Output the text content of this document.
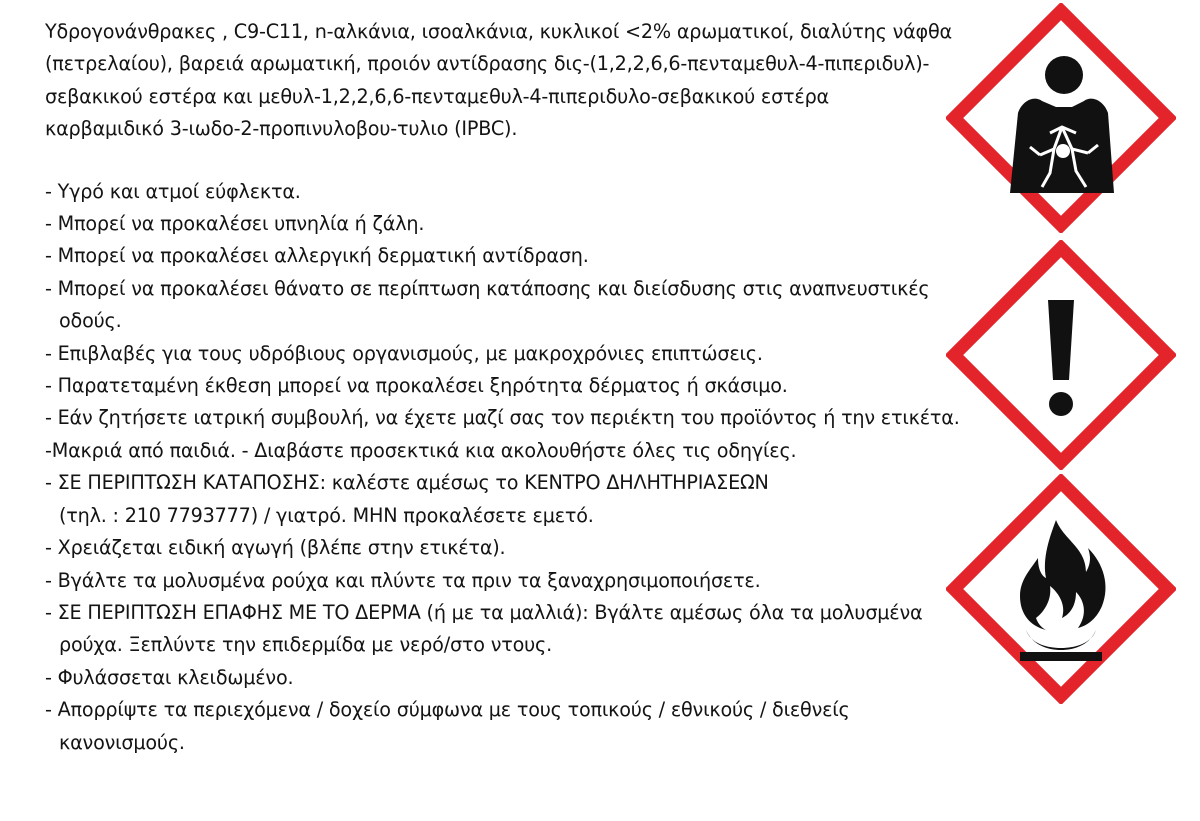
Υδρογονάνθρακες , C9-C11, n-αλκάνια, ισοαλκάνια, κυκλικοί <2% αρωματικοί, διαλύτης νάφθα

(πετρελαίου), βαρειά αρωματική, προιόν αντίδρασης δις-(1,2,2,6,6-πενταμεθυλ-4-πιπεριδυλ)-

σεβακικού εστέρα και μεθυλ-1,2,2,6,6-πενταμεθυλ-4-πιπεριδυλο-σεβακικού εστέρα

καρβαμιδικό 3-ιωδο-2-προπινυλοβου-τυλιο (IPBC).

- Υγρό και ατμοί εύφλεκτα.

- Μπορεί να προκαλέσει υπνηλία ή ζάλη.

- Μπορεί να προκαλέσει αλλεργική δερματική αντίδραση.

- Μπορεί να προκαλέσει θάνατο σε περίπτωση κατάποσης και διείσδυσης στις αναπνευστικές

οδούς.

- Επιβλαβές για τους υδρόβιους οργανισμούς, με μακροχρόνιες επιπτώσεις.

- Παρατεταμένη έκθεση μπορεί να προκαλέσει ξηρότητα δέρματος ή σκάσιμο.

- Εάν ζητήσετε ιατρική συμβουλή, να έχετε μαζί σας τον περιέκτη του προϊόντος ή την ετικέτα.

-Μακριά από παιδιά. - Διαβάστε προσεκτικά κια ακολουθήστε όλες τις οδηγίες.

- ΣΕ ΠΕΡΙΠΤΩΣΗ ΚΑΤΑΠΟΣΗΣ: καλέστε αμέσως το ΚΕΝΤΡΟ ΔΗΛΗΤΗΡΙΑΣΕΩΝ

(τηλ. : 210 7793777) / γιατρό. ΜΗΝ προκαλέσετε εμετό.

- Χρειάζεται ειδική αγωγή (βλέπε στην ετικέτα).

- Βγάλτε τα μολυσμένα ρούχα και πλύντε τα πριν τα ξαναχρησιμοποιήσετε.

- ΣΕ ΠΕΡΙΠΤΩΣΗ ΕΠΑΦΗΣ ΜΕ ΤΟ ΔΕΡΜΑ (ή με τα μαλλιά): Βγάλτε αμέσως όλα τα μολυσμένα

ρούχα. Ξεπλύντε την επιδερμίδα με νερό/στο ντους.

- Φυλάσσεται κλειδωμένο.

- Απορρίψτε τα περιεχόμενα / δοχείο σύμφωνα με τους τοπικούς / εθνικούς / διεθνείς

κανονισμούς.
